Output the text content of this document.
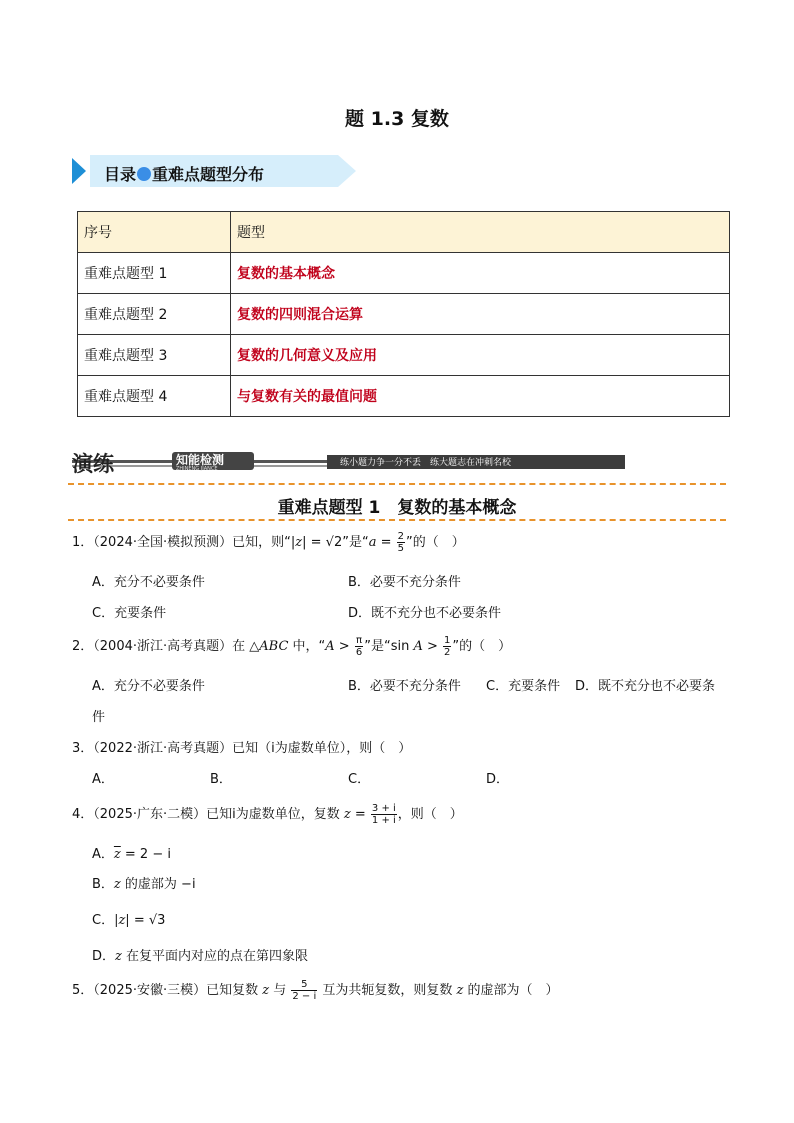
题 1.3 复数
目录 重难点题型分布
序号	题型
重难点题型 1	复数的基本概念
重难点题型 2	复数的四则混合运算
重难点题型 3	复数的几何意义及应用
重难点题型 4	与复数有关的最值问题
演练	知能检测
ZHINENG JIANCE
练小题力争一分不丢　练大题志在冲刺名校
重难点题型 1　复数的基本概念
1．（2024·全国·模拟预测）已知，则“|z| = √2”是“$a = \frac{2}{5}$ ”的（　）
A．充分不必要条件	B．必要不充分条件
C．充要条件	D．既不充分也不必要条件
2．（2004·浙江·高考真题）在 △ABC 中，“$A > \frac{\pi}{6}$ ”是“sin $A > \frac{1}{2}$ ”的（　）
A．充分不必要条件	B．必要不充分条件 C．充要条件 D．既不充分也不必要条
件
3．（2022·浙江·高考真题）已知（i为虚数单位），则（　）
A．	B．	C．	D．
4．（2025·广东·二模）已知i为虚数单位，复数 $z = \frac{3 + i}{1 + i}$ ，则（　）
A．$\overline{z} = 2 - i$
B．z 的虚部为 −i
C．|z| = √3
D．z 在复平面内对应的点在第四象限
5．（2025·安徽·三模）已知复数 z 与 $\frac{5}{2 - i}$ 互为共轭复数，则复数 z 的虚部为（　）
